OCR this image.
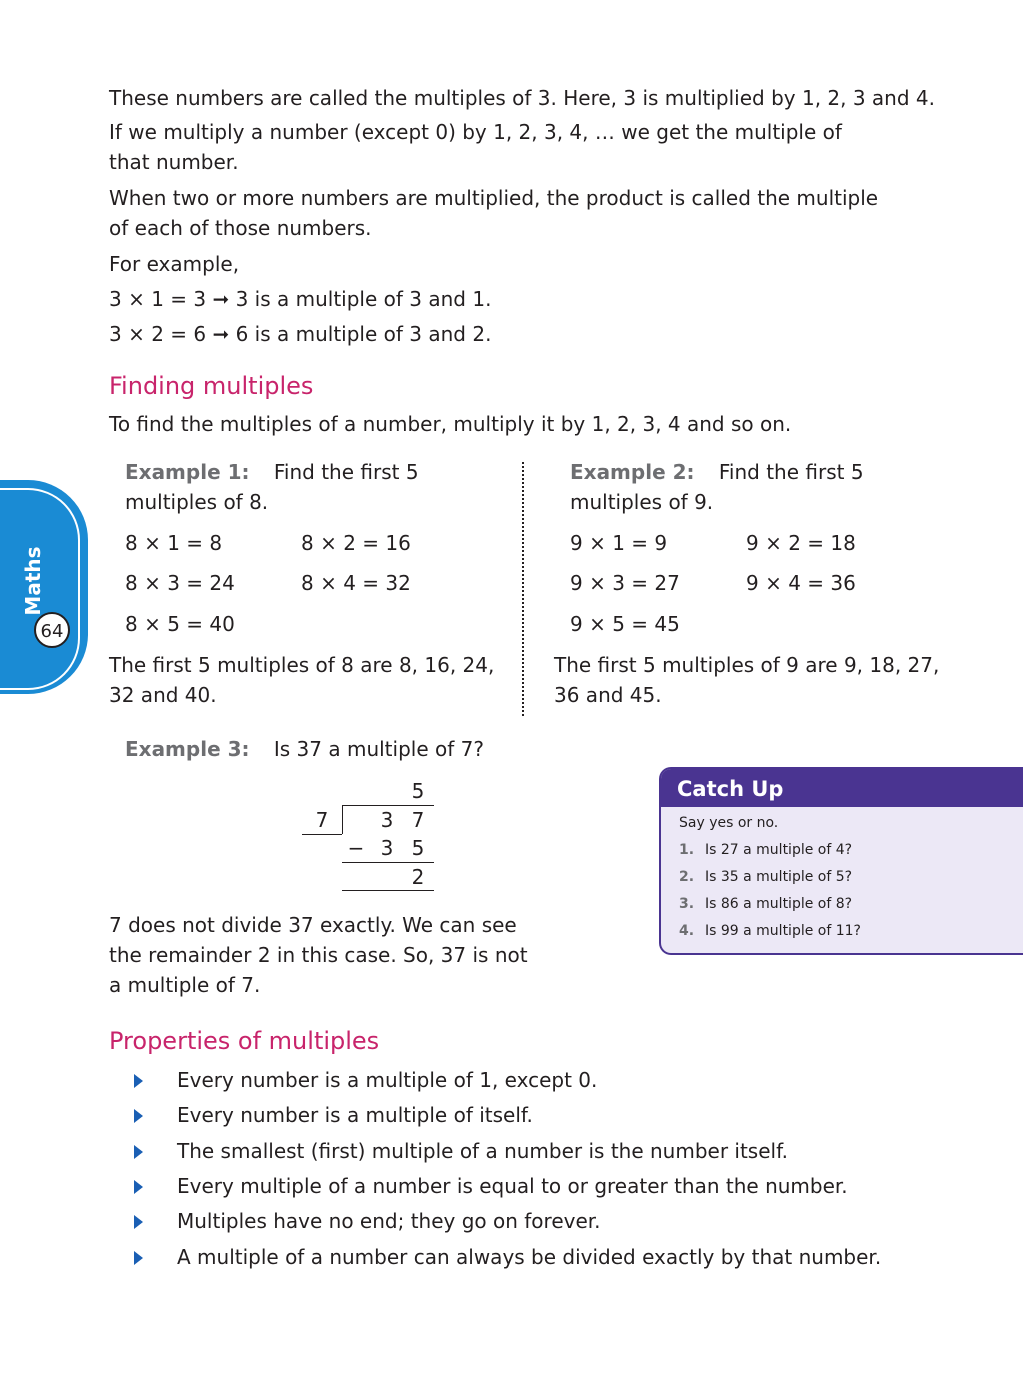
These numbers are called the multiples of 3. Here, 3 is multiplied by 1, 2, 3 and 4.

If we multiply a number (except 0) by 1, 2, 3, 4, … we get the multiple of

that number.

When two or more numbers are multiplied, the product is called the multiple

of each of those numbers.

For example,

3 × 1 = 3 ➞ 3 is a multiple of 3 and 1.

3 × 2 = 6 ➞ 6 is a multiple of 3 and 2.

Finding multiples

To find the multiples of a number, multiply it by 1, 2, 3, 4 and so on.

Maths
64
Example 1: Find the first 5
multiples of 8.
8 × 1 = 8	8 × 2 = 16
8 × 3 = 24	8 × 4 = 32
8 × 5 = 40
The first 5 multiples of 8 are 8, 16, 24,
32 and 40.
Example 2: Find the first 5
multiples of 9.
9 × 1 = 9	9 × 2 = 18
9 × 3 = 27	9 × 4 = 36
9 × 5 = 45
The first 5 multiples of 9 are 9, 18, 27,
36 and 45.
Example 3: Is 37 a multiple of 7?
5
7	3 7
− 3 5
2
7 does not divide 37 exactly. We can see
the remainder 2 in this case. So, 37 is not
a multiple of 7.
Catch Up
Say yes or no.
1. Is 27 a multiple of 4?
2. Is 35 a multiple of 5?
3. Is 86 a multiple of 8?
4. Is 99 a multiple of 11?
Properties of multiples
Every number is a multiple of 1, except 0.
Every number is a multiple of itself.
The smallest (first) multiple of a number is the number itself.
Every multiple of a number is equal to or greater than the number.
Multiples have no end; they go on forever.
A multiple of a number can always be divided exactly by that number.
